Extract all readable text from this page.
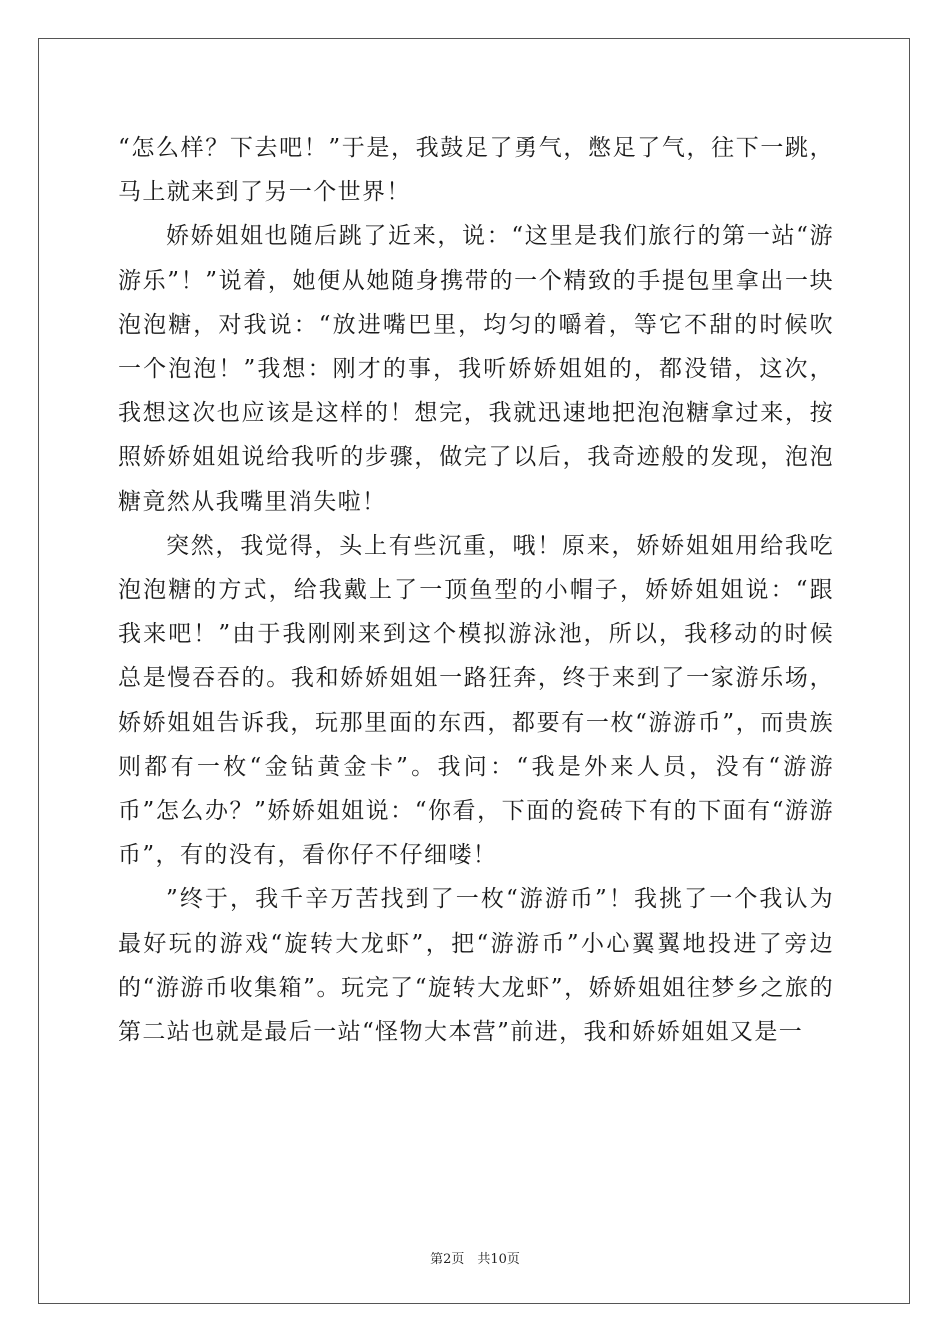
“怎么样？下去吧！”于是，我鼓足了勇气，憋足了气，往下一跳，马上就来到了另一个世界！

娇娇姐姐也随后跳了近来，说：“这里是我们旅行的第一站“游游乐”！”说着，她便从她随身携带的一个精致的手提包里拿出一块泡泡糖，对我说：“放进嘴巴里，均匀的嚼着，等它不甜的时候吹一个泡泡！”我想：刚才的事，我听娇娇姐姐的，都没错，这次，我想这次也应该是这样的！想完，我就迅速地把泡泡糖拿过来，按照娇娇姐姐说给我听的步骤，做完了以后，我奇迹般的发现，泡泡糖竟然从我嘴里消失啦！

突然，我觉得，头上有些沉重，哦！原来，娇娇姐姐用给我吃泡泡糖的方式，给我戴上了一顶鱼型的小帽子，娇娇姐姐说：“跟我来吧！”由于我刚刚来到这个模拟游泳池，所以，我移动的时候总是慢吞吞的。我和娇娇姐姐一路狂奔，终于来到了一家游乐场，娇娇姐姐告诉我，玩那里面的东西，都要有一枚“游游币”，而贵族则都有一枚“金钻黄金卡”。我问：“我是外来人员，没有“游游币”怎么办？”娇娇姐姐说：“你看，下面的瓷砖下有的下面有“游游币”，有的没有，看你仔不仔细喽！

”终于，我千辛万苦找到了一枚“游游币”！我挑了一个我认为最好玩的游戏“旋转大龙虾”，把“游游币”小心翼翼地投进了旁边的“游游币收集箱”。玩完了“旋转大龙虾”，娇娇姐姐往梦乡之旅的第二站也就是最后一站“怪物大本营”前进，我和娇娇姐姐又是一

第2页　共10页
